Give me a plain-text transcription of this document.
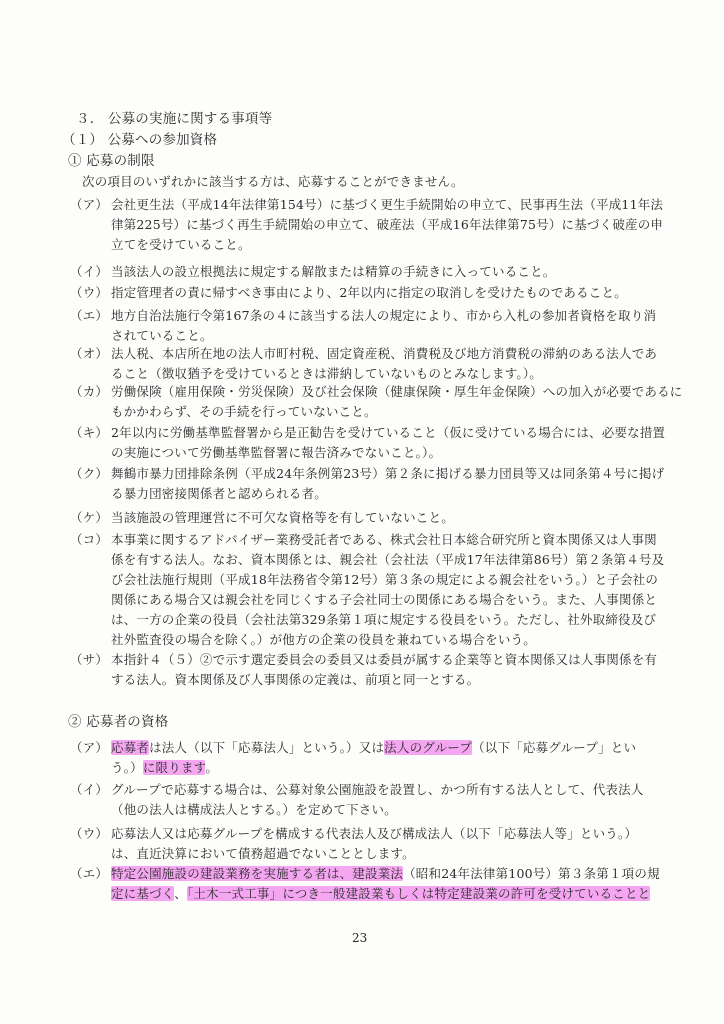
３． 公募の実施に関する事項等
（１） 公募への参加資格
① 応募の制限
次の項目のいずれかに該当する方は、応募することができません。
（ア） 会社更生法（平成14年法律第154号）に基づく更生手続開始の申立て、民事再生法（平成11年法
律第225号）に基づく再生手続開始の申立て、破産法（平成16年法律第75号）に基づく破産の申
立てを受けていること。
（イ） 当該法人の設立根拠法に規定する解散または精算の手続きに入っていること。
（ウ） 指定管理者の責に帰すべき事由により、2年以内に指定の取消しを受けたものであること。
（エ） 地方自治法施行令第167条の４に該当する法人の規定により、市から入札の参加者資格を取り消
されていること。
（オ） 法人税、本店所在地の法人市町村税、固定資産税、消費税及び地方消費税の滞納のある法人であ
ること（徴収猶予を受けているときは滞納していないものとみなします。）。
（カ） 労働保険（雇用保険・労災保険）及び社会保険（健康保険・厚生年金保険）への加入が必要であるに
もかかわらず、その手続を行っていないこと。
（キ） 2年以内に労働基準監督署から是正勧告を受けていること（仮に受けている場合には、必要な措置
の実施について労働基準監督署に報告済みでないこと。）。
（ク） 舞鶴市暴力団排除条例（平成24年条例第23号）第２条に掲げる暴力団員等又は同条第４号に掲げ
る暴力団密接関係者と認められる者。
（ケ） 当該施設の管理運営に不可欠な資格等を有していないこと。
（コ） 本事業に関するアドバイザー業務受託者である、株式会社日本総合研究所と資本関係又は人事関
係を有する法人。なお、資本関係とは、親会社（会社法（平成17年法律第86号）第２条第４号及
び会社法施行規則（平成18年法務省令第12号）第３条の規定による親会社をいう。）と子会社の
関係にある場合又は親会社を同じくする子会社同士の関係にある場合をいう。また、人事関係と
は、一方の企業の役員（会社法第329条第１項に規定する役員をいう。ただし、社外取締役及び
社外監査役の場合を除く。）が他方の企業の役員を兼ねている場合をいう。
（サ） 本指針４（５）②で示す選定委員会の委員又は委員が属する企業等と資本関係又は人事関係を有
する法人。資本関係及び人事関係の定義は、前項と同一とする。
② 応募者の資格
（ア） 応募者は法人（以下「応募法人」という。）又は法人のグループ（以下「応募グループ」とい
う。）に限ります。
（イ） グループで応募する場合は、公募対象公園施設を設置し、かつ所有する法人として、代表法人
（他の法人は構成法人とする。）を定めて下さい。
（ウ） 応募法人又は応募グループを構成する代表法人及び構成法人（以下「応募法人等」という。）
は、直近決算において債務超過でないこととします。
（エ） 特定公園施設の建設業務を実施する者は、建設業法（昭和24年法律第100号）第３条第１項の規
定に基づく、「土木一式工事」につき一般建設業もしくは特定建設業の許可を受けていることと
23
